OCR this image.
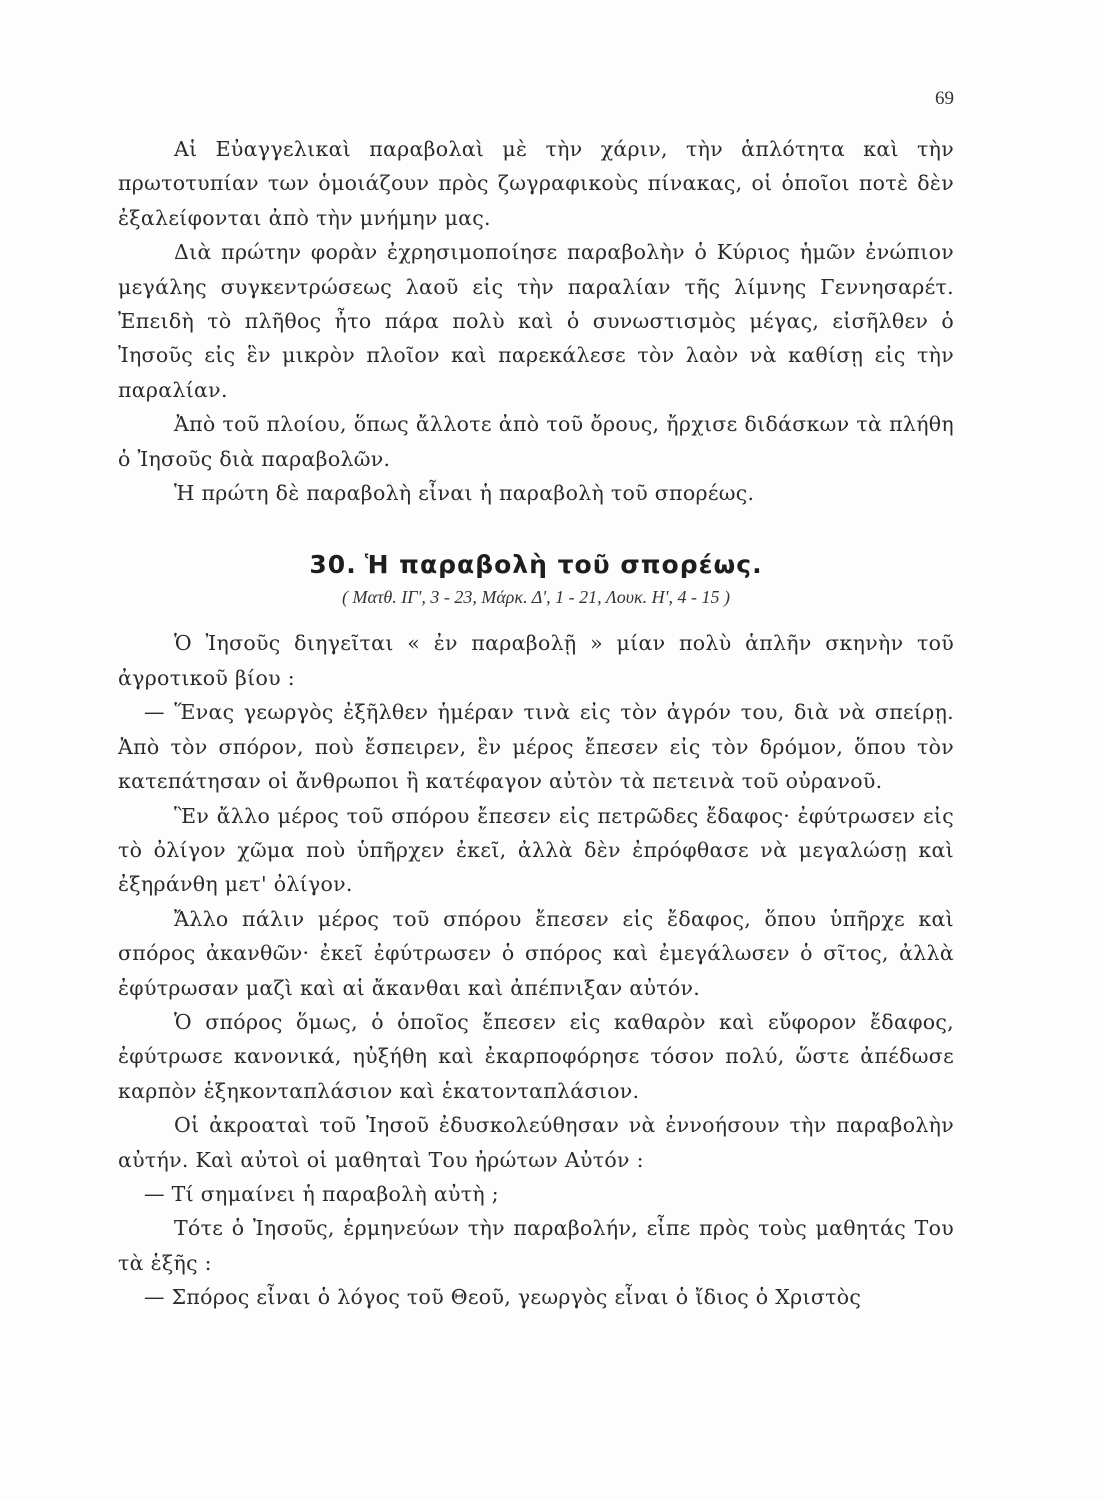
69

Αἱ Εὐαγγελικαὶ παραβολαὶ μὲ τὴν χάριν, τὴν ἁπλότητα καὶ τὴν πρωτοτυπίαν των ὁμοιάζουν πρὸς ζωγραφικοὺς πίνακας, οἱ ὁποῖοι ποτὲ δὲν ἐξαλείφονται ἀπὸ τὴν μνήμην μας.

Διὰ πρώτην φορὰν ἐχρησιμοποίησε παραβολὴν ὁ Κύριος ἡμῶν ἐνώπιον μεγάλης συγκεντρώσεως λαοῦ εἰς τὴν παραλίαν τῆς λίμνης Γεννησαρέτ. Ἐπειδὴ τὸ πλῆθος ἦτο πάρα πολὺ καὶ ὁ συνωστισμὸς μέγας, εἰσῆλθεν ὁ Ἰησοῦς εἰς ἓν μικρὸν πλοῖον καὶ παρεκάλεσε τὸν λαὸν νὰ καθίσῃ εἰς τὴν παραλίαν.

Ἀπὸ τοῦ πλοίου, ὅπως ἄλλοτε ἀπὸ τοῦ ὄρους, ἤρχισε διδάσκων τὰ πλήθη ὁ Ἰησοῦς διὰ παραβολῶν.

Ἡ πρώτη δὲ παραβολὴ εἶναι ἡ παραβολὴ τοῦ σπορέως.

30. Ἡ παραβολὴ τοῦ σπορέως.
( Ματθ. ΙΓ', 3 - 23, Μάρκ. Δ', 1 - 21, Λουκ. Η', 4 - 15 )

Ὁ Ἰησοῦς διηγεῖται « ἐν παραβολῇ » μίαν πολὺ ἁπλῆν σκηνὴν τοῦ ἀγροτικοῦ βίου :

— Ἕνας γεωργὸς ἐξῆλθεν ἡμέραν τινὰ εἰς τὸν ἀγρόν του, διὰ νὰ σπείρῃ. Ἀπὸ τὸν σπόρον, ποὺ ἔσπειρεν, ἓν μέρος ἔπεσεν εἰς τὸν δρόμον, ὅπου τὸν κατεπάτησαν οἱ ἄνθρωποι ἢ κατέφαγον αὐτὸν τὰ πετεινὰ τοῦ οὐρανοῦ.

Ἓν ἄλλο μέρος τοῦ σπόρου ἔπεσεν εἰς πετρῶδες ἔδαφος· ἐφύτρωσεν εἰς τὸ ὀλίγον χῶμα ποὺ ὑπῆρχεν ἐκεῖ, ἀλλὰ δὲν ἐπρόφθασε νὰ μεγαλώσῃ καὶ ἐξηράνθη μετ' ὀλίγον.

Ἄλλο πάλιν μέρος τοῦ σπόρου ἔπεσεν εἰς ἔδαφος, ὅπου ὑπῆρχε καὶ σπόρος ἀκανθῶν· ἐκεῖ ἐφύτρωσεν ὁ σπόρος καὶ ἐμεγάλωσεν ὁ σῖτος, ἀλλὰ ἐφύτρωσαν μαζὶ καὶ αἱ ἄκανθαι καὶ ἀπέπνιξαν αὐτόν.

Ὁ σπόρος ὅμως, ὁ ὁποῖος ἔπεσεν εἰς καθαρὸν καὶ εὔφορον ἔδαφος, ἐφύτρωσε κανονικά, ηὐξήθη καὶ ἐκαρποφόρησε τόσον πολύ, ὥστε ἀπέδωσε καρπὸν ἑξηκονταπλάσιον καὶ ἑκατονταπλάσιον.

Οἱ ἀκροαταὶ τοῦ Ἰησοῦ ἐδυσκολεύθησαν νὰ ἐννοήσουν τὴν παραβολὴν αὐτήν. Καὶ αὐτοὶ οἱ μαθηταὶ Του ἠρώτων Αὐτόν :

— Τί σημαίνει ἡ παραβολὴ αὐτὴ ;

Τότε ὁ Ἰησοῦς, ἑρμηνεύων τὴν παραβολήν, εἶπε πρὸς τοὺς μαθητάς Του τὰ ἑξῆς :

— Σπόρος εἶναι ὁ λόγος τοῦ Θεοῦ, γεωργὸς εἶναι ὁ ἴδιος ὁ Χριστὸς
